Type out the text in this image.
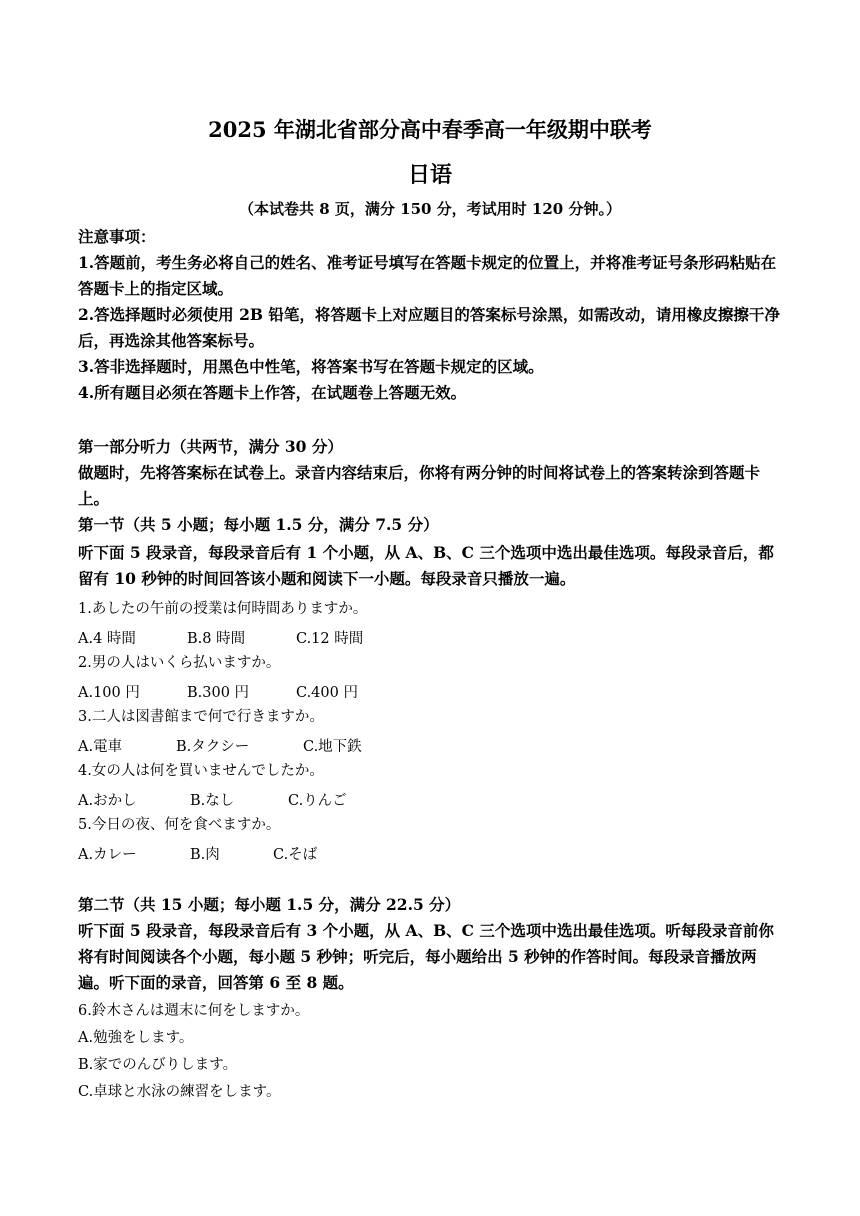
2025 年湖北省部分高中春季高一年级期中联考
日语
（本试卷共 8 页，满分 150 分，考试用时 120 分钟。）
注意事项：
1.答题前，考生务必将自己的姓名、准考证号填写在答题卡规定的位置上，并将准考证号条形码粘贴在答题卡上的指定区域。
2.答选择题时必须使用 2B 铅笔，将答题卡上对应题目的答案标号涂黑，如需改动，请用橡皮擦擦干净后，再选涂其他答案标号。
3.答非选择题时，用黑色中性笔，将答案书写在答题卡规定的区域。
4.所有题目必须在答题卡上作答，在试题卷上答题无效。
第一部分听力（共两节，满分 30 分）
做题时，先将答案标在试卷上。录音内容结束后，你将有两分钟的时间将试卷上的答案转涂到答题卡上。
第一节（共 5 小题；每小题 1.5 分，满分 7.5 分）
听下面 5 段录音，每段录音后有 1 个小题，从 A、B、C 三个选项中选出最佳选项。每段录音后，都留有 10 秒钟的时间回答该小题和阅读下一小题。每段录音只播放一遍。
1.あしたの午前の授業は何時間ありますか。
A.4 時間	B.8 時間	C.12 時間
2.男の人はいくら払いますか。
A.100 円	B.300 円	C.400 円
3.二人は図書館まで何で行きますか。
A.電車	B.タクシー	C.地下鉄
4.女の人は何を買いませんでしたか。
A.おかし	B.なし	C.りんご
5.今日の夜、何を食べますか。
A.カレー	B.肉	C.そば
第二节（共 15 小题；每小题 1.5 分，满分 22.5 分）
听下面 5 段录音，每段录音后有 3 个小题，从 A、B、C 三个选项中选出最佳选项。听每段录音前你将有时间阅读各个小题，每小题 5 秒钟；听完后，每小题给出 5 秒钟的作答时间。每段录音播放两遍。听下面的录音，回答第 6 至 8 题。
6.鈴木さんは週末に何をしますか。
A.勉強をします。
B.家でのんびりします。
C.卓球と水泳の練習をします。
